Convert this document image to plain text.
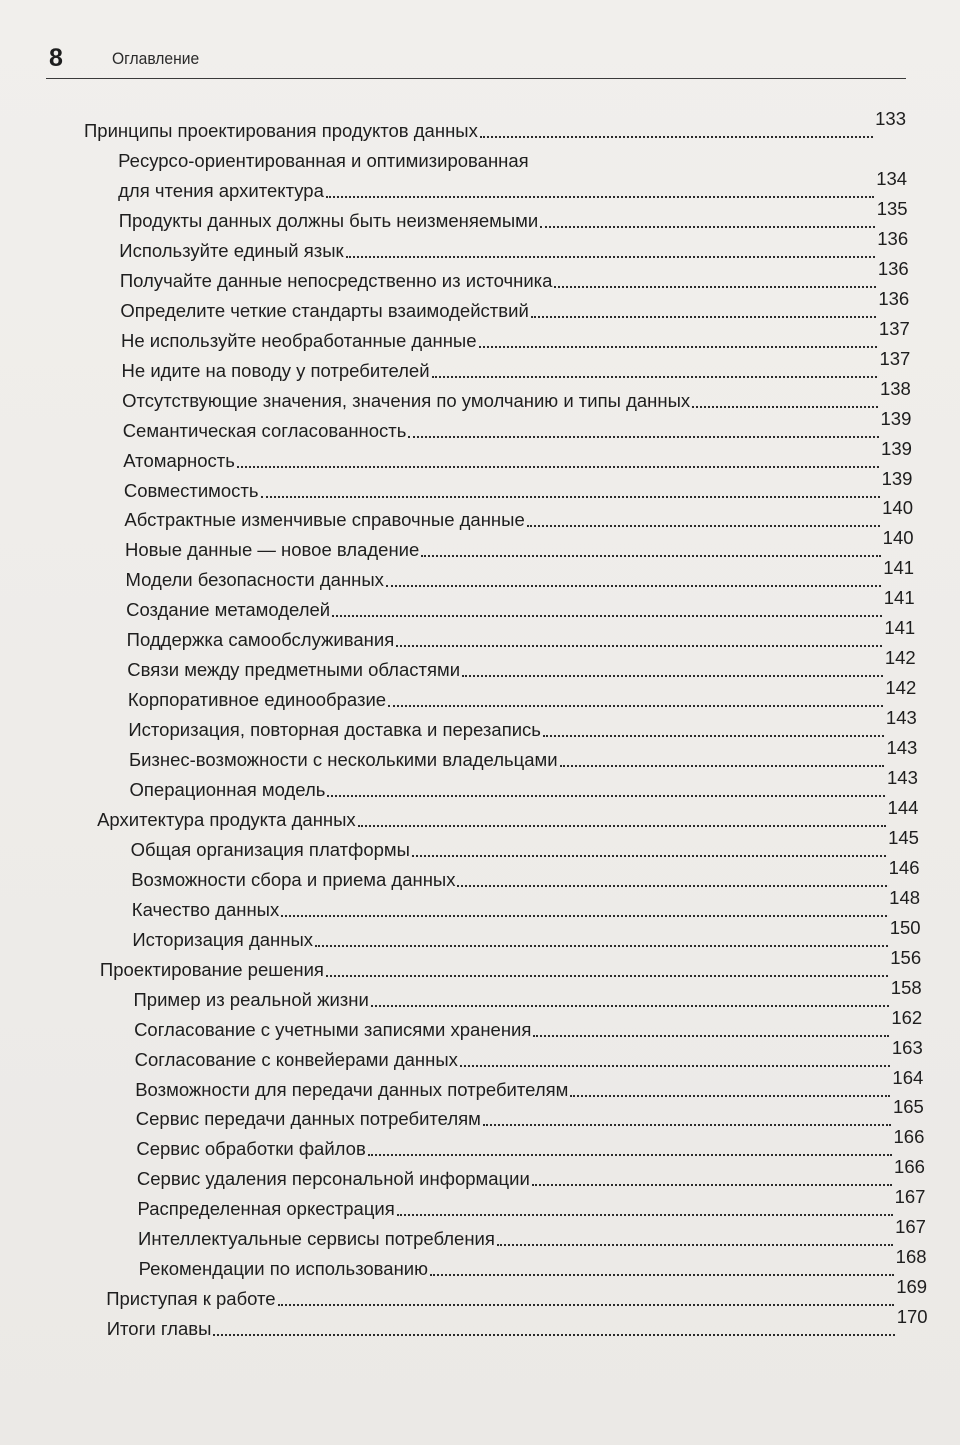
8	Оглавление
Принципы проектирования продуктов данных
133
Ресурсо-ориентированная и оптимизированная
для чтения архитектура
134
Продукты данных должны быть неизменяемыми
135
Используйте единый язык
136
Получайте данные непосредственно из источника
136
Определите четкие стандарты взаимодействий
136
Не используйте необработанные данные
137
Не идите на поводу у потребителей
137
Отсутствующие значения, значения по умолчанию и типы данных
138
Семантическая согласованность
139
Атомарность
139
Совместимость
139
Абстрактные изменчивые справочные данные
140
Новые данные — новое владение
140
Модели безопасности данных
141
Создание метамоделей
141
Поддержка самообслуживания
141
Связи между предметными областями
142
Корпоративное единообразие
142
Историзация, повторная доставка и перезапись
143
Бизнес-возможности с несколькими владельцами
143
Операционная модель
143
Архитектура продукта данных
144
Общая организация платформы
145
Возможности сбора и приема данных
146
Качество данных
148
Историзация данных
150
Проектирование решения
156
Пример из реальной жизни
158
Согласование с учетными записями хранения
162
Согласование с конвейерами данных
163
Возможности для передачи данных потребителям
164
Сервис передачи данных потребителям
165
Сервис обработки файлов
166
Сервис удаления персональной информации
166
Распределенная оркестрация
167
Интеллектуальные сервисы потребления
167
Рекомендации по использованию
168
Приступая к работе
169
Итоги главы
170
